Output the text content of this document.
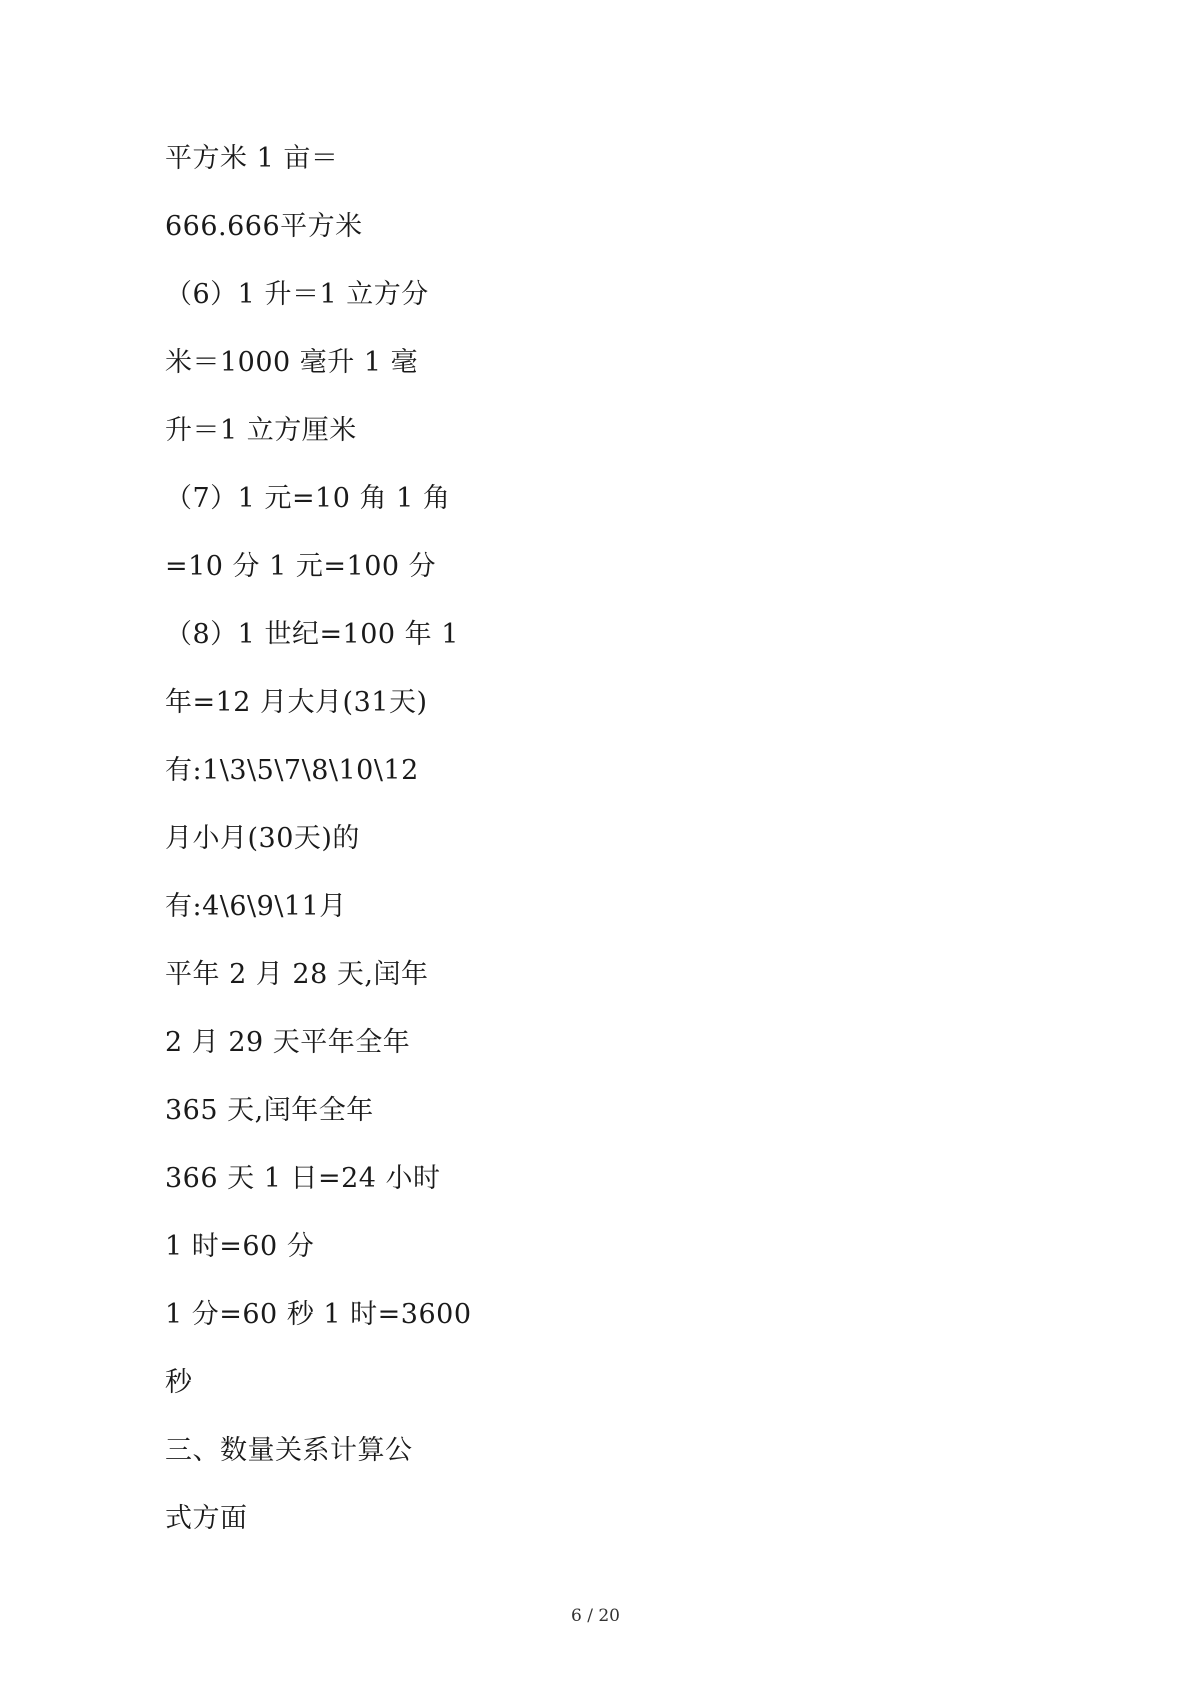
平方米 1 亩＝
666.666平方米
（6）1 升＝1 立方分
米＝1000 毫升 1 毫
升＝1 立方厘米
（7）1 元=10 角 1 角
=10 分 1 元=100 分
（8）1 世纪=100 年 1
年=12 月大月(31天)
有:1\3\5\7\8\10\12
月小月(30天)的
有:4\6\9\11月
平年 2 月 28 天,闰年
2 月 29 天平年全年
365 天,闰年全年
366 天 1 日=24 小时
1 时=60 分
1 分=60 秒 1 时=3600
秒
三、数量关系计算公
式方面
6 / 20
